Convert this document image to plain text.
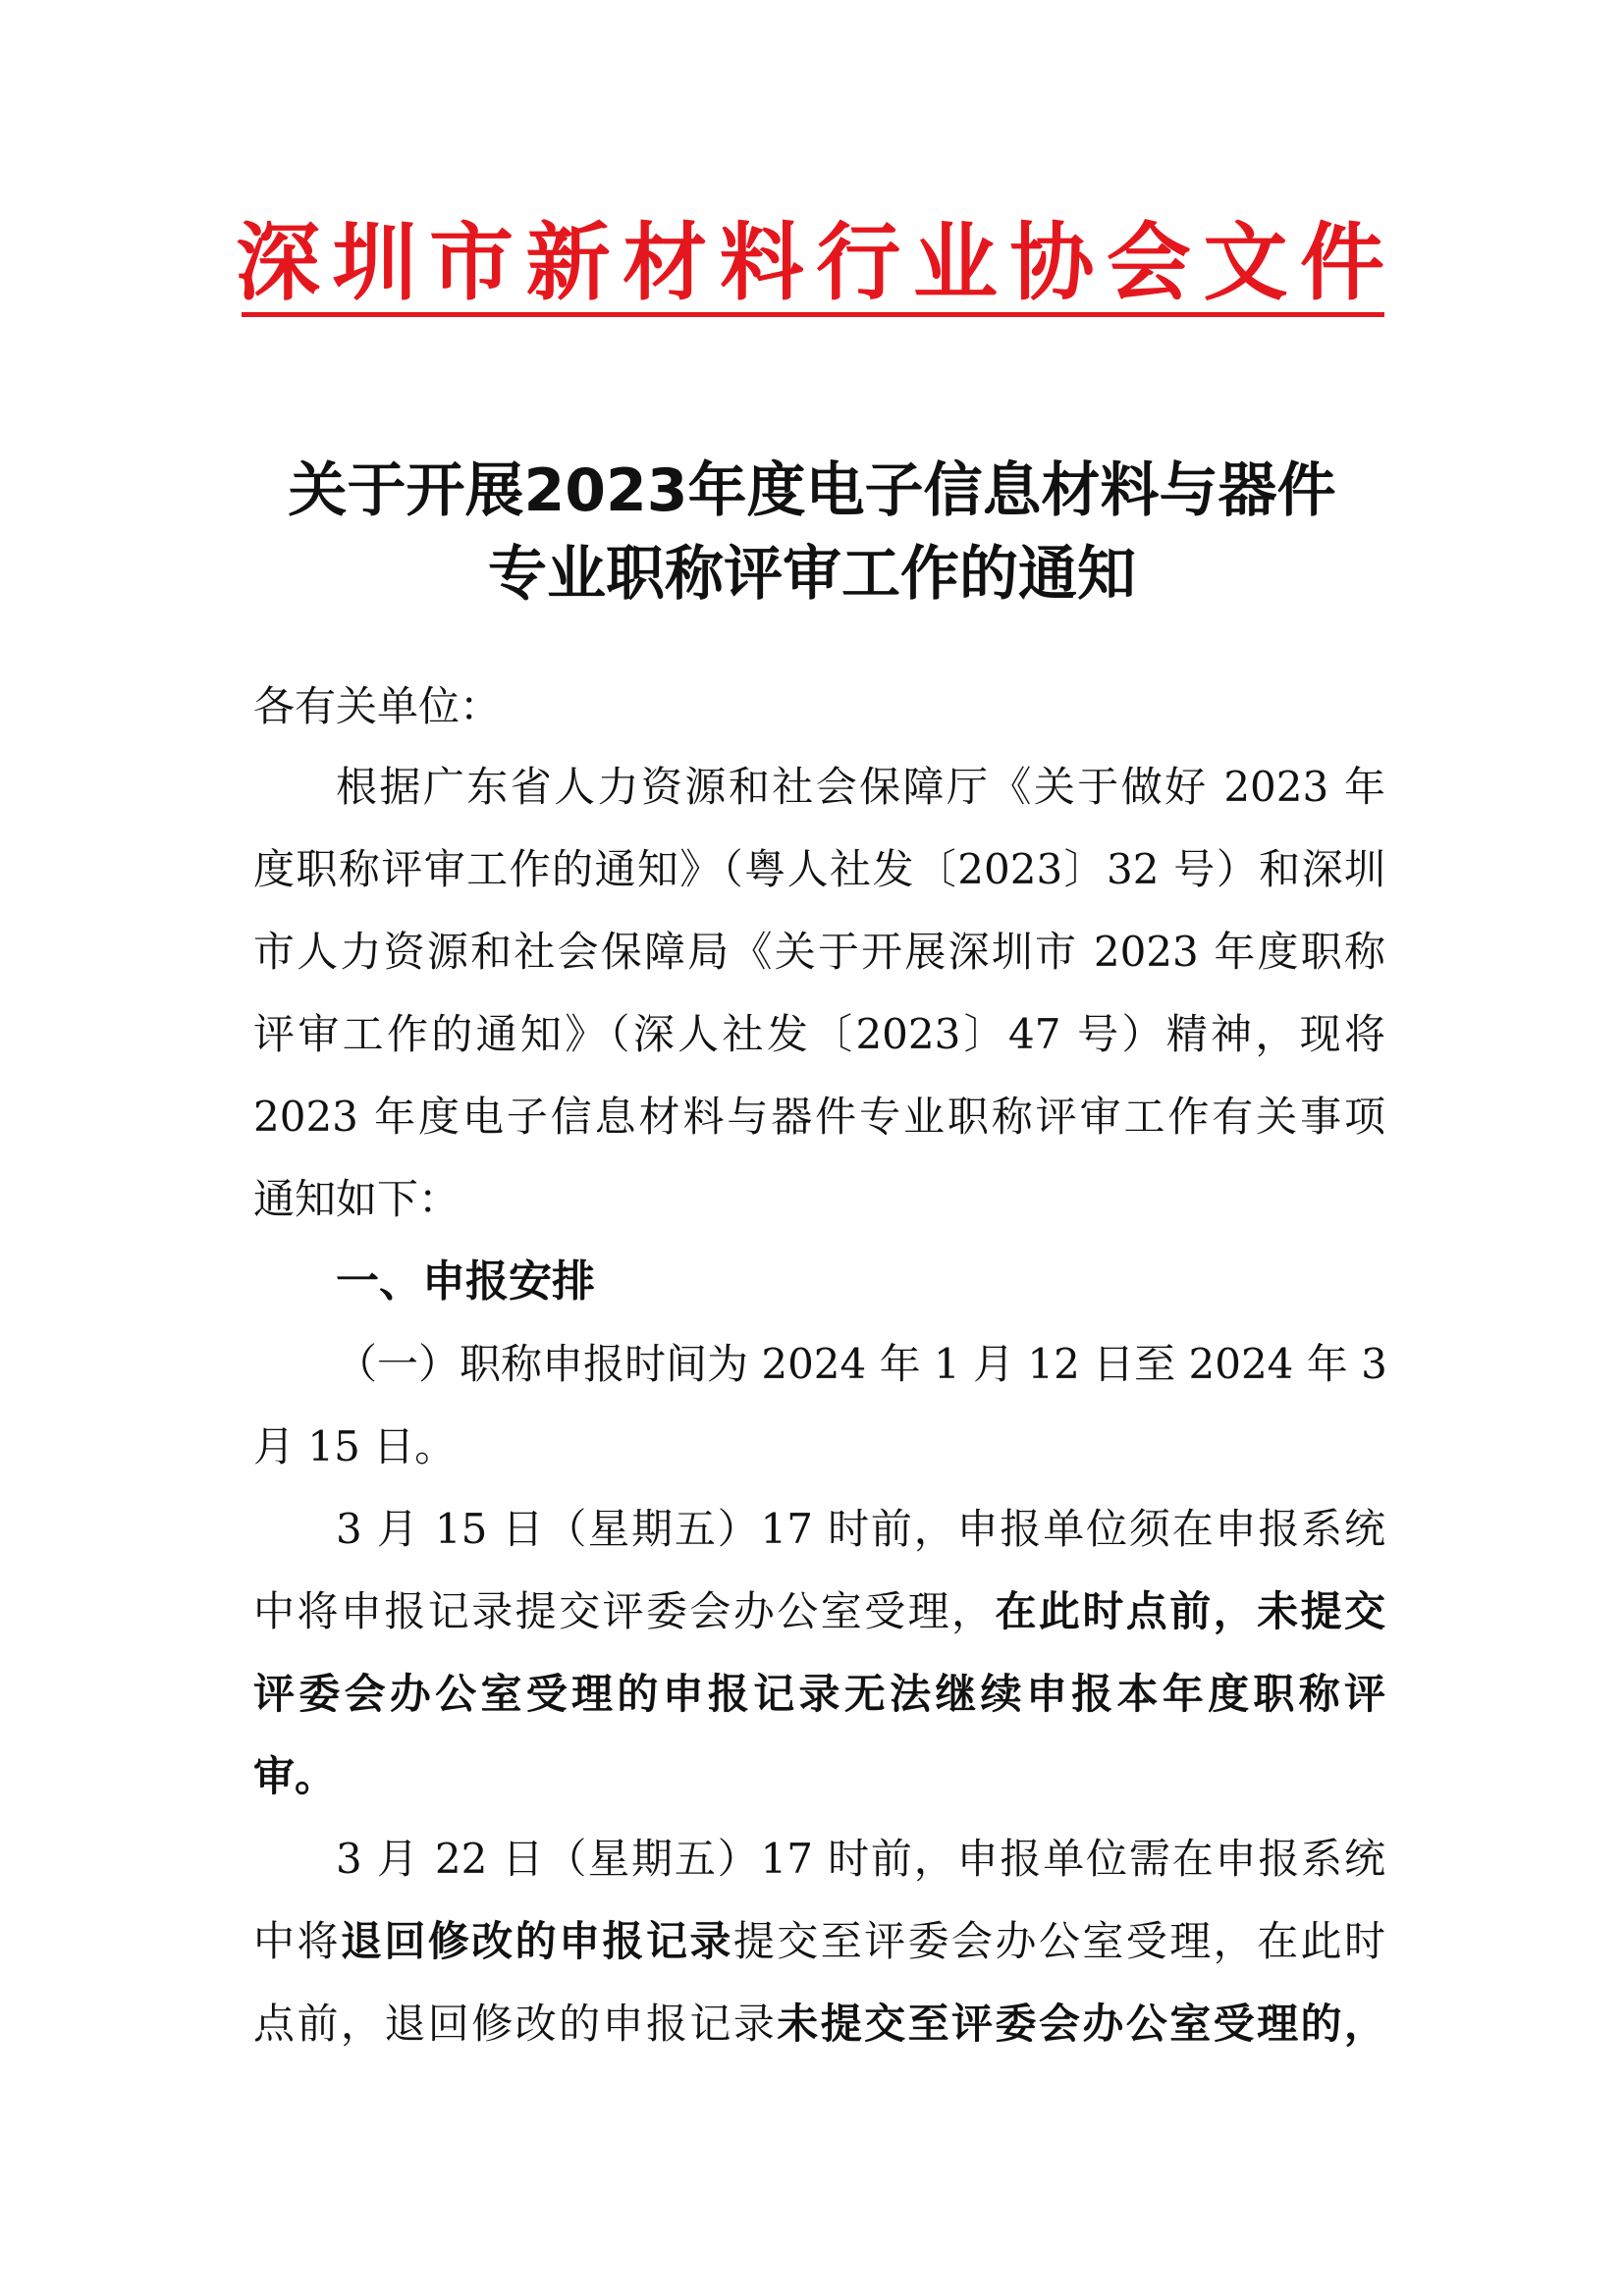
深圳市新材料行业协会文件
关于开展2023年度电子信息材料与器件
专业职称评审工作的通知
各有关单位：
根据广东省人力资源和社会保障厅《关于做好 2023 年
度职称评审工作的通知》（粤人社发〔2023〕32 号）和深圳
市人力资源和社会保障局《关于开展深圳市 2023 年度职称
评审工作的通知》（深人社发〔2023〕47 号）精神，现将
2023 年度电子信息材料与器件专业职称评审工作有关事项
通知如下：
一、申报安排
（一）职称申报时间为 2024 年 1 月 12 日至 2024 年 3
月 15 日。
3 月 15 日（星期五）17 时前，申报单位须在申报系统
中将申报记录提交评委会办公室受理，在此时点前，未提交
评委会办公室受理的申报记录无法继续申报本年度职称评
审。
3 月 22 日（星期五）17 时前，申报单位需在申报系统
中将退回修改的申报记录提交至评委会办公室受理，在此时
点前，退回修改的申报记录未提交至评委会办公室受理的，
